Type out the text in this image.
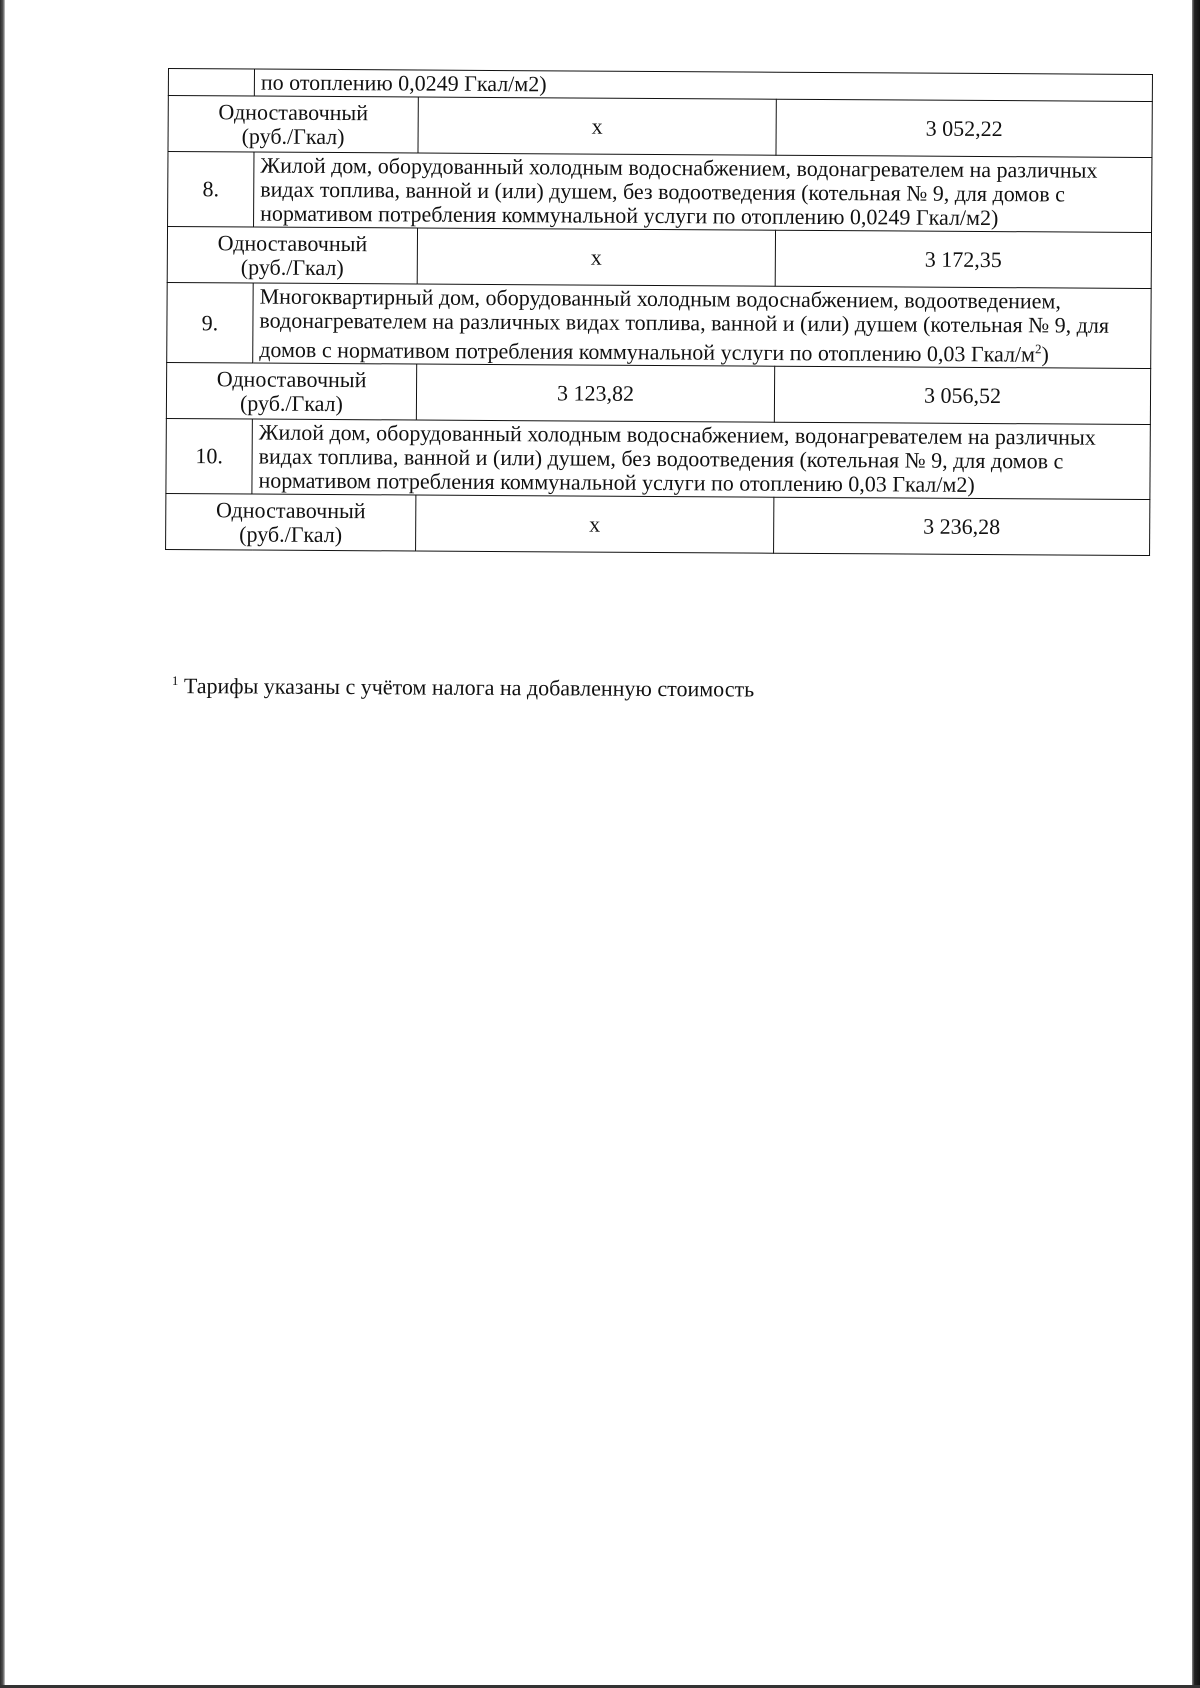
	по отоплению 0,0249 Гкал/м2)		

Одноставочный
(руб./Гкал)		х	3 052,22
8.	Жилой дом, оборудованный холодным водоснабжением, водонагревателем на различных видах топлива, ванной и (или) душем, без водоотведения (котельная № 9, для домов с нормативом потребления коммунальной услуги по отоплению 0,0249 Гкал/м2)		

Одноставочный
(руб./Гкал)		х	3 172,35
9.	Многоквартирный дом, оборудованный холодным водоснабжением, водоотведением, водонагревателем на различных видах топлива, ванной и (или) душем (котельная № 9, для домов с нормативом потребления коммунальной услуги по отоплению 0,03 Гкал/$м^2$)		

Одноставочный
(руб./Гкал)		3 123,82	3 056,52
10.	Жилой дом, оборудованный холодным водоснабжением, водонагревателем на различных видах топлива, ванной и (или) душем, без водоотведения (котельная № 9, для домов с нормативом потребления коммунальной услуги по отоплению 0,03 Гкал/м2)		

Одноставочный
(руб./Гкал)		х	3 236,28
$^1$ Тарифы указаны с учётом налога на добавленную стоимость
